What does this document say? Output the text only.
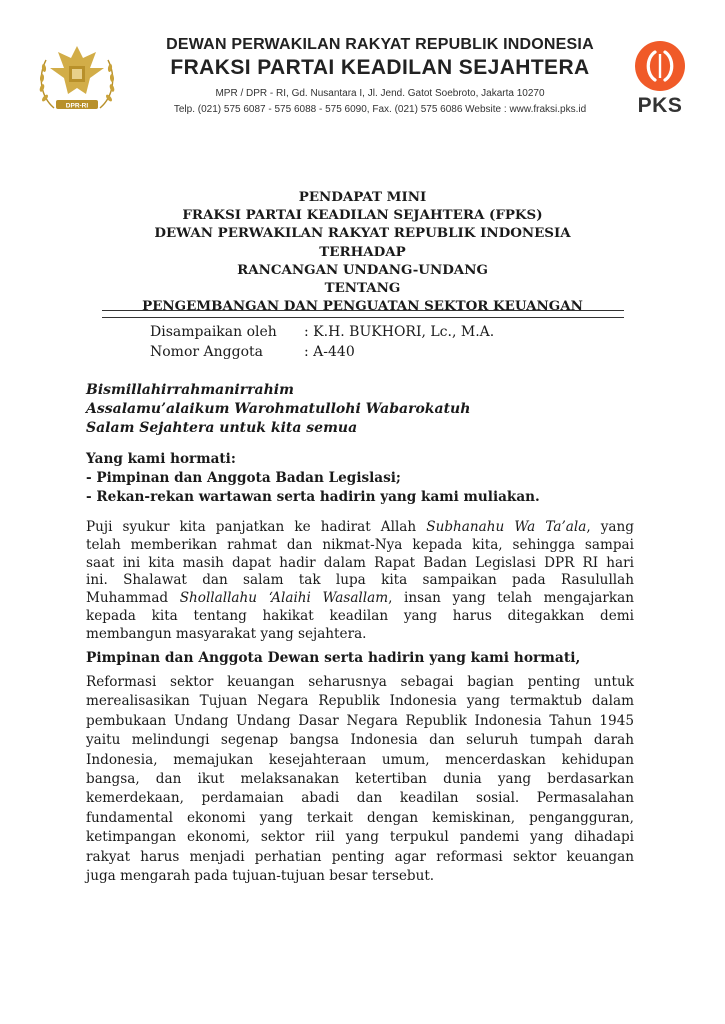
DPR-RI
DEWAN PERWAKILAN RAKYAT REPUBLIK INDONESIA
FRAKSI PARTAI KEADILAN SEJAHTERA
MPR / DPR - RI, Gd. Nusantara I, Jl. Jend. Gatot Soebroto, Jakarta 10270
Telp. (021) 575 6087 - 575 6088 - 575 6090, Fax. (021) 575 6086 Website : www.fraksi.pks.id	PKS
PENDAPAT MINI
FRAKSI PARTAI KEADILAN SEJAHTERA (FPKS)
DEWAN PERWAKILAN RAKYAT REPUBLIK INDONESIA
TERHADAP
RANCANGAN UNDANG-UNDANG
TENTANG
PENGEMBANGAN DAN PENGUATAN SEKTOR KEUANGAN
Disampaikan oleh : K.H. BUKHORI, Lc., M.A.
Nomor Anggota	: A-440
Bismillahirrahmanirrahim
Assalamu’alaikum Warohmatullohi Wabarokatuh
Salam Sejahtera untuk kita semua
Yang kami hormati:
- Pimpinan dan Anggota Badan Legislasi;
- Rekan-rekan wartawan serta hadirin yang kami muliakan.
Puji syukur kita panjatkan ke hadirat Allah Subhanahu Wa Ta’ala, yang
telah memberikan rahmat dan nikmat-Nya kepada kita, sehingga sampai
saat ini kita masih dapat hadir dalam Rapat Badan Legislasi DPR RI hari
ini. Shalawat dan salam tak lupa kita sampaikan pada Rasulullah
Muhammad Shollallahu ‘Alaihi Wasallam, insan yang telah mengajarkan
kepada kita tentang hakikat keadilan yang harus ditegakkan demi
membangun masyarakat yang sejahtera.
Pimpinan dan Anggota Dewan serta hadirin yang kami hormati,
Reformasi sektor keuangan seharusnya sebagai bagian penting untuk
merealisasikan Tujuan Negara Republik Indonesia yang termaktub dalam
pembukaan Undang Undang Dasar Negara Republik Indonesia Tahun 1945
yaitu melindungi segenap bangsa Indonesia dan seluruh tumpah darah
Indonesia, memajukan kesejahteraan umum, mencerdaskan kehidupan
bangsa, dan ikut melaksanakan ketertiban dunia yang berdasarkan
kemerdekaan, perdamaian abadi dan keadilan sosial. Permasalahan
fundamental ekonomi yang terkait dengan kemiskinan, pengangguran,
ketimpangan ekonomi, sektor riil yang terpukul pandemi yang dihadapi
rakyat harus menjadi perhatian penting agar reformasi sektor keuangan
juga mengarah pada tujuan-tujuan besar tersebut.
